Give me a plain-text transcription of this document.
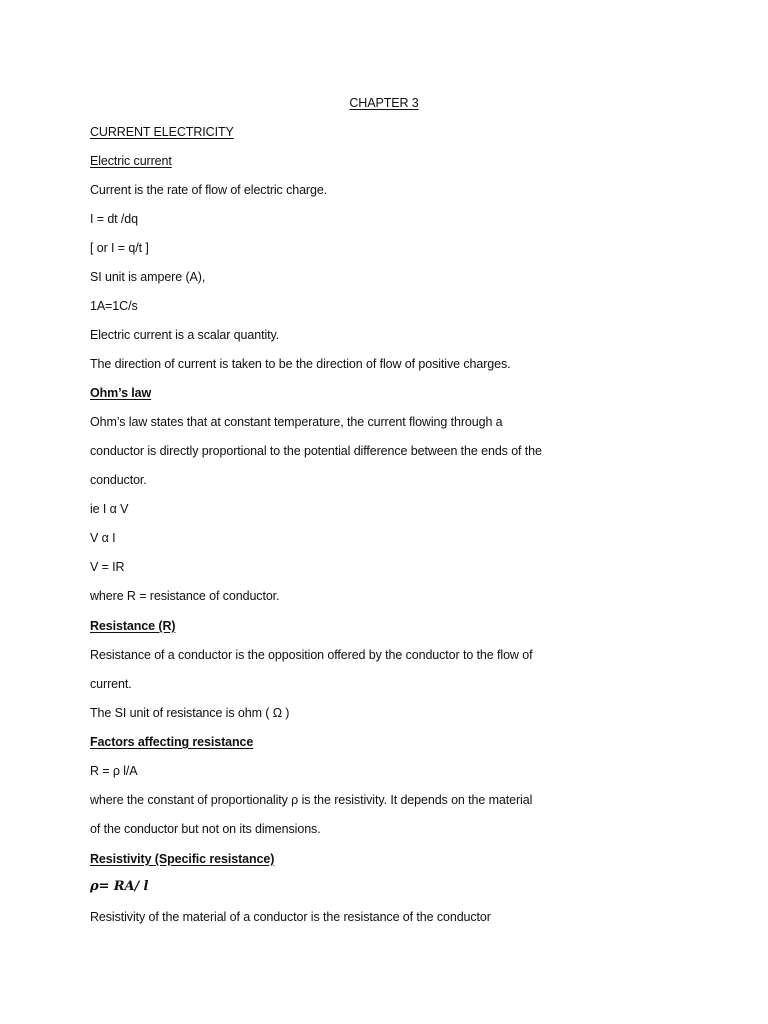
CHAPTER 3
CURRENT ELECTRICITY
Electric current
Current is the rate of flow of electric charge.
I = dt /dq
[ or I = q/t ]
SI unit is ampere (A),
1A=1C/s
Electric current is a scalar quantity.
The direction of current is taken to be the direction of flow of positive charges.
Ohm’s law
Ohm’s law states that at constant temperature, the current flowing through a
conductor is directly proportional to the potential difference between the ends of the
conductor.
ie I α V
V α I
V = IR
where R = resistance of conductor.
Resistance (R)
Resistance of a conductor is the opposition offered by the conductor to the flow of
current.
The SI unit of resistance is ohm ( Ω )
Factors affecting resistance
R = ρ l/A
where the constant of proportionality ρ is the resistivity. It depends on the material
of the conductor but not on its dimensions.
Resistivity (Specific resistance)
ρ= RA/ l
Resistivity of the material of a conductor is the resistance of the conductor
